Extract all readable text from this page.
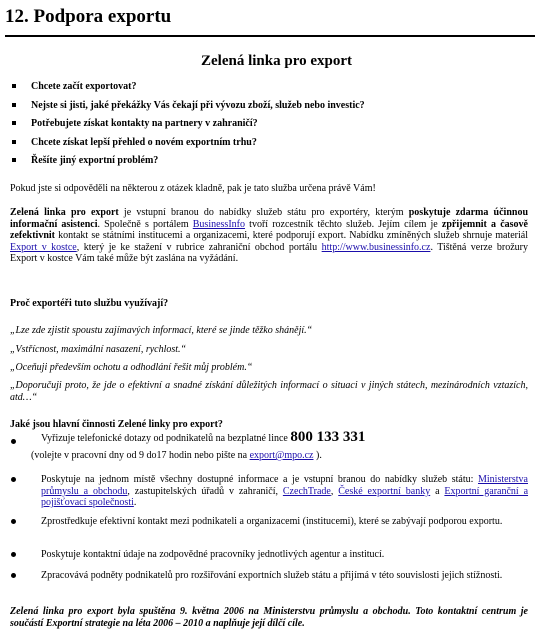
12. Podpora exportu
Zelená linka pro export
Chcete začít exportovat?
Nejste si jisti, jaké překážky Vás čekají při vývozu zboží, služeb nebo investic?
Potřebujete získat kontakty na partnery v zahraničí?
Chcete získat lepší přehled o novém exportním trhu?
Řešíte jiný exportní problém?
Pokud jste si odpověděli na některou z otázek kladně, pak je tato služba určena právě Vám!
Zelená linka pro export je vstupní branou do nabídky služeb státu pro exportéry, kterým poskytuje zdarma účinnou informační asistenci. Společně s portálem BusinessInfo tvoří rozcestník těchto služeb. Jejím cílem je zpřijemnit a časově zefektivnit kontakt se státními institucemi a organizacemi, které podporují export. Nabídku zmíněných služeb shrnuje materiál Export v kostce, který je ke stažení v rubrice zahraniční obchod portálu http://www.businessinfo.cz. Tištěná verze brožury Export v kostce Vám také může být zaslána na vyžádání.
Proč exportéři tuto službu využívají?
„Lze zde zjistit spoustu zajímavých informací, které se jinde těžko shánějí.“
„Vstřícnost, maximální nasazení, rychlost.“
„Oceňuji především ochotu a odhodlání řešit můj problém.“
„Doporučuji proto, že jde o efektivní a snadné získání důležitých informací o situaci v jiných státech, mezinárodních vztazích, atd…“
Jaké jsou hlavní činnosti Zelené linky pro export?
Vyřizuje telefonické dotazy od podnikatelů na bezplatné lince 800 133 331
(volejte v pracovní dny od 9 do17 hodin nebo pište na export@mpo.cz ).
Poskytuje na jednom místě všechny dostupné informace a je vstupní branou do nabídky služeb státu: Ministerstva průmyslu a obchodu, zastupitelských úřadů v zahraničí, CzechTrade, České exportní banky a Exportní garanční a pojišťovací společnosti.
Zprostředkuje efektivní kontakt mezi podnikateli a organizacemi (institucemi), které se zabývají podporou exportu.
Poskytuje kontaktní údaje na zodpovědné pracovníky jednotlivých agentur a institucí.
Zpracovává podněty podnikatelů pro rozšiřování exportních služeb státu a přijímá v této souvislosti jejich stížnosti.
Zelená linka pro export byla spuštěna 9. května 2006 na Ministerstvu průmyslu a obchodu. Toto kontaktní centrum je součástí Exportní strategie na léta 2006 – 2010 a naplňuje její dílčí cíle.
